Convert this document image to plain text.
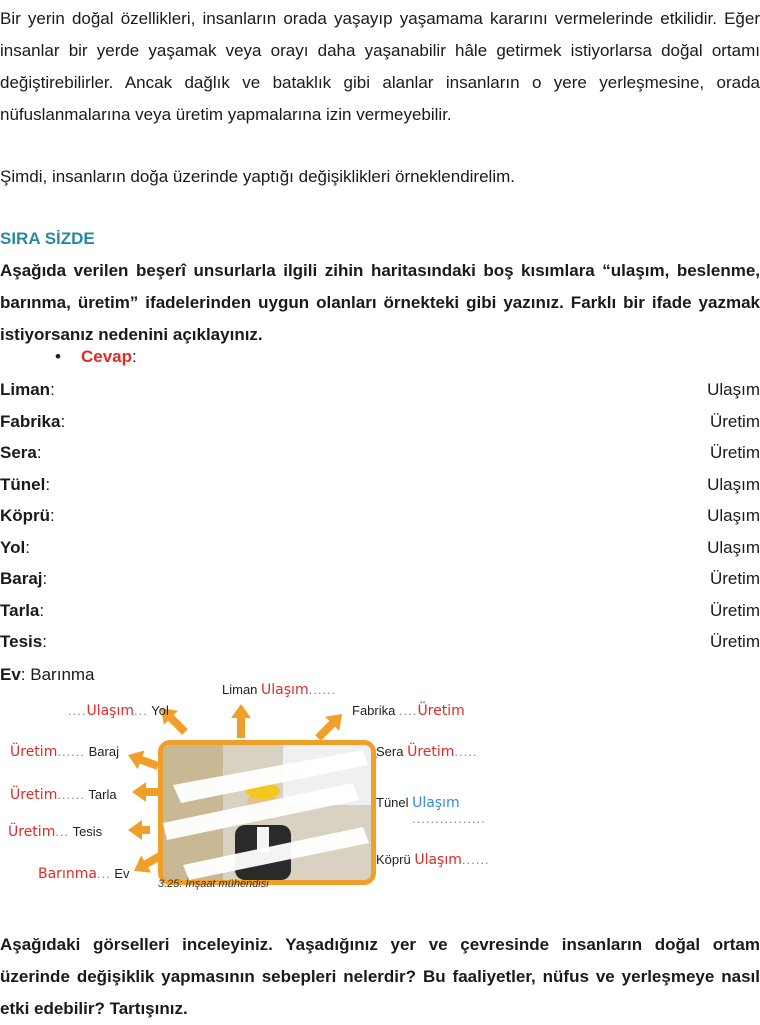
Bir yerin doğal özellikleri, insanların orada yaşayıp yaşamama kararını vermelerinde etkilidir. Eğer insanlar bir yerde yaşamak veya orayı daha yaşanabilir hâle getirmek istiyorlarsa doğal ortamı değiştirebilirler. Ancak dağlık ve bataklık gibi alanlar insanların o yere yerleşmesine, orada nüfuslanmalarına veya üretim yapmalarına izin vermeyebilir.

Şimdi, insanların doğa üzerinde yaptığı değişiklikleri örneklendirelim.

SIRA SİZDE

Aşağıda verilen beşerî unsurlarla ilgili zihin haritasındaki boş kısımlara “ulaşım, beslenme, barınma, üretim” ifadelerinden uygun olanları örnekteki gibi yazınız. Farklı bir ifade yazmak istiyorsanız nedenini açıklayınız.

• Cevap:
Liman:	Ulaşım
Fabrika:	Üretim
Sera:	Üretim
Tünel:	Ulaşım
Köprü:	Ulaşım
Yol:	Ulaşım
Baraj:	Üretim
Tarla:	Üretim
Tesis:	Üretim
Ev: Barınma
3.25: İnşaat mühendisi
Liman Ulaşım......
....Ulaşım... Yol	Fabrika ....Üretim
Üretim...... Baraj	Sera Üretim.....
Üretim...... Tarla
Tünel Ulaşım
................
Üretim... Tesis
Köprü Ulaşım......
Barınma... Ev

Aşağıdaki görselleri inceleyiniz. Yaşadığınız yer ve çevresinde insanların doğal ortam üzerinde değişiklik yapmasının sebepleri nelerdir? Bu faaliyetler, nüfus ve yerleşmeye nasıl etki edebilir? Tartışınız.
